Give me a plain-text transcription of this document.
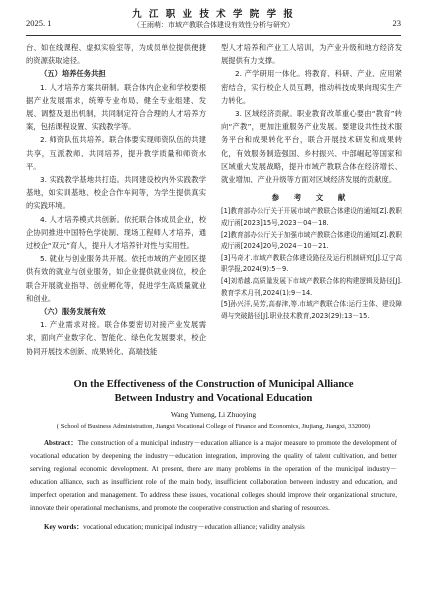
2025. 1
九 江 职 业 技 术 学 院 学 报
（王雨萌：市域产教联合体建设有效性分析与研究）	23
台、如在线课程、虚拟实验室等，为成员单位提供便捷的资源获取途径。
（五）培养任务共担
1. 人才培养方案共研制。联合体内企业和学校要根据产业发展需求，统筹专业布局、健全专业组建、发展、调整及退出机制，共同制定符合合理的人才培养方案，包括课程设置、实践教学等。
2. 师资队伍共培养。联合体要实现师资队伍的共建共享，互派教师、共同培养，提升教学质量和师资水平。
3. 实践教学基地共打造。共同建设校内外实践教学基地，如实训基地、校企合作车间等，为学生提供真实的实践环境。
4. 人才培养模式共创新。依托联合体成员企业，校企协同推进中国特色学徒制、现场工程师人才培养，通过校企“双元”育人，提升人才培养针对性与实用性。
5. 就业与创业服务共开展。依托市域的产业园区提供有效的就业与创业服务，如企业提供就业岗位，校企联合开展就业指导、创业孵化等，促进学生高质量就业和创业。
（六）服务发展有效
1. 产业需求对接。联合体要密切对接产业发展需求，面向产业数字化、智能化、绿色化发展要求，校企协同开展技术创新、成果转化、高端技能
型人才培养和产业工人培训，为产业升级和地方经济发展提供有力支撑。
2. 产学研用一体化。将教育、科研、产业、应用紧密结合，实行校企人员互聘，推动科技成果向现实生产力转化。
3. 区域经济贡献。职业教育改革重心要由“教育”转向“产教”，更加注重服务产业发展。要建设共性技术服务平台和成果转化平台，联合开展技术研发和成果转化，有效服务制造强国、乡村振兴、中部崛起等国家和区域重大发展战略，提升市域产教联合体在经济增长、就业增加、产业升级等方面对区域经济发展的贡献度。
参 考 文 献
[1]教育部办公厅关于开展市域产教联合体建设的通知[Z].教职成厅函[2023]15号,2023－04－18.
[2]教育部办公厅关于加强市域产教联合体建设的通知[Z].教职成厅函[2024]20号,2024－10－21.
[3]马奇才.市域产教联合体建设路径及运行机制研究[J].辽宁高职学报,2024(9):5－9.
[4]刘希越.高质量发展下市域产教联合体的构建逻辑及路径[J].教育学术月刊,2024(1):9－14.
[5]孙兴洋,吴芳,高春津,等.市域产教联合体:运行主体、建设障碍与突破路径[J].职业技术教育,2023(29):13－15.
On the Effectiveness of the Construction of Municipal Alliance
Between Industry and Vocational Education
Wang Yumeng, Li Zhuoying
( School of Business Administration, Jiangxi Vocational College of Finance and Economics, Jiujiang, Jiangxi, 332000)
Abstract：The construction of a municipal industry－education alliance is a major measure to promote the development of vocational education by deepening the industry－education integration, improving the quality of talent cultivation, and better serving regional economic development. At present, there are many problems in the operation of the municipal industry－education alliance, such as insufficient role of the main body, insufficient collaboration between industry and education, and imperfect operation and management. To address these issues, vocational colleges should improve their organizational structure, innovate their operational mechanisms, and promote the cooperative construction and sharing of resources.
Key words：vocational education; municipal industry－education alliance; validity analysis
